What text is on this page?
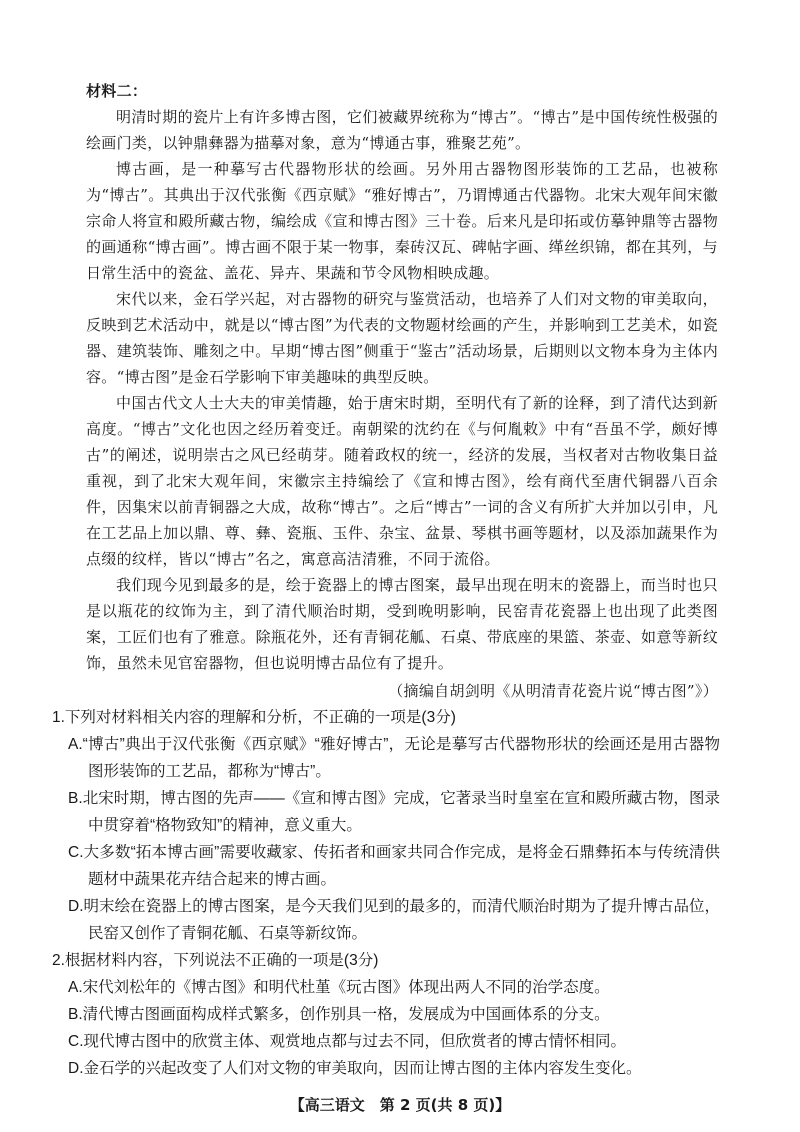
材料二：

明清时期的瓷片上有许多博古图，它们被藏界统称为“博古”。“博古”是中国传统性极强的绘画门类，以钟鼎彝器为描摹对象，意为“博通古事，雅聚艺苑”。

博古画，是一种摹写古代器物形状的绘画。另外用古器物图形装饰的工艺品，也被称为“博古”。其典出于汉代张衡《西京赋》“雅好博古”，乃谓博通古代器物。北宋大观年间宋徽宗命人将宣和殿所藏古物，编绘成《宣和博古图》三十卷。后来凡是印拓或仿摹钟鼎等古器物的画通称“博古画”。博古画不限于某一物事，秦砖汉瓦、碑帖字画、缂丝织锦，都在其列，与日常生活中的瓷盆、盖花、异卉、果蔬和节令风物相映成趣。

宋代以来，金石学兴起，对古器物的研究与鉴赏活动，也培养了人们对文物的审美取向，反映到艺术活动中，就是以“博古图”为代表的文物题材绘画的产生，并影响到工艺美术，如瓷器、建筑装饰、雕刻之中。早期“博古图”侧重于“鉴古”活动场景，后期则以文物本身为主体内容。“博古图”是金石学影响下审美趣味的典型反映。

中国古代文人士大夫的审美情趣，始于唐宋时期，至明代有了新的诠释，到了清代达到新高度。“博古”文化也因之经历着变迁。南朝梁的沈约在《与何胤敕》中有“吾虽不学，颇好博古”的阐述，说明崇古之风已经萌芽。随着政权的统一，经济的发展，当权者对古物收集日益重视，到了北宋大观年间，宋徽宗主持编绘了《宣和博古图》，绘有商代至唐代铜器八百余件，因集宋以前青铜器之大成，故称“博古”。之后“博古”一词的含义有所扩大并加以引申，凡在工艺品上加以鼎、尊、彝、瓷瓶、玉件、杂宝、盆景、琴棋书画等题材，以及添加蔬果作为点缀的纹样，皆以“博古”名之，寓意高洁清雅，不同于流俗。

我们现今见到最多的是，绘于瓷器上的博古图案，最早出现在明末的瓷器上，而当时也只是以瓶花的纹饰为主，到了清代顺治时期，受到晚明影响，民窑青花瓷器上也出现了此类图案，工匠们也有了雅意。除瓶花外，还有青铜花觚、石桌、带底座的果篮、茶壶、如意等新纹饰，虽然未见官窑器物，但也说明博古品位有了提升。

（摘编自胡剑明《从明清青花瓷片说“博古图”》）

1.下列对材料相关内容的理解和分析，不正确的一项是(3分)

A.“博古”典出于汉代张衡《西京赋》“雅好博古”，无论是摹写古代器物形状的绘画还是用古器物图形装饰的工艺品，都称为“博古”。

B.北宋时期，博古图的先声——《宣和博古图》完成，它著录当时皇室在宣和殿所藏古物，图录中贯穿着“格物致知”的精神，意义重大。

C.大多数“拓本博古画”需要收藏家、传拓者和画家共同合作完成，是将金石鼎彝拓本与传统清供题材中蔬果花卉结合起来的博古画。

D.明末绘在瓷器上的博古图案，是今天我们见到的最多的，而清代顺治时期为了提升博古品位，民窑又创作了青铜花觚、石桌等新纹饰。

2.根据材料内容，下列说法不正确的一项是(3分)

A.宋代刘松年的《博古图》和明代杜堇《玩古图》体现出两人不同的治学态度。

B.清代博古图画面构成样式繁多，创作别具一格，发展成为中国画体系的分支。

C.现代博古图中的欣赏主体、观赏地点都与过去不同，但欣赏者的博古情怀相同。

D.金石学的兴起改变了人们对文物的审美取向，因而让博古图的主体内容发生变化。

【高三语文　第 2 页(共 8 页)】
